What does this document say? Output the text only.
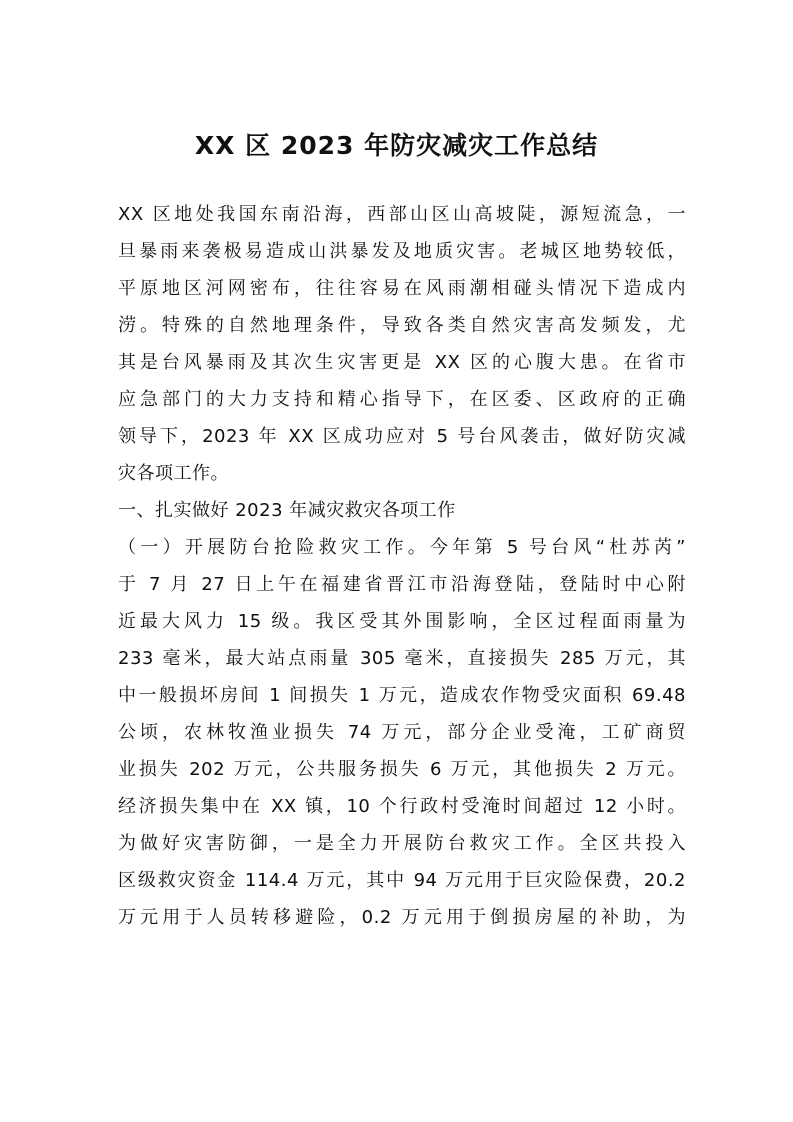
XX 区 2023 年防灾减灾工作总结
XX 区地处我国东南沿海，西部山区山高坡陡，源短流急，一
旦暴雨来袭极易造成山洪暴发及地质灾害。老城区地势较低，
平原地区河网密布，往往容易在风雨潮相碰头情况下造成内
涝。特殊的自然地理条件，导致各类自然灾害高发频发，尤
其是台风暴雨及其次生灾害更是 XX 区的心腹大患。在省市
应急部门的大力支持和精心指导下，在区委、区政府的正确
领导下，2023 年 XX 区成功应对 5 号台风袭击，做好防灾减
灾各项工作。
一、扎实做好 2023 年减灾救灾各项工作
（一）开展防台抢险救灾工作。今年第 5 号台风“杜苏芮”
于 7 月 27 日上午在福建省晋江市沿海登陆，登陆时中心附
近最大风力 15 级。我区受其外围影响，全区过程面雨量为
233 毫米，最大站点雨量 305 毫米，直接损失 285 万元，其
中一般损坏房间 1 间损失 1 万元，造成农作物受灾面积 69.48
公顷，农林牧渔业损失 74 万元，部分企业受淹，工矿商贸
业损失 202 万元，公共服务损失 6 万元，其他损失 2 万元。
经济损失集中在 XX 镇，10 个行政村受淹时间超过 12 小时。
为做好灾害防御，一是全力开展防台救灾工作。全区共投入
区级救灾资金 114.4 万元，其中 94 万元用于巨灾险保费，20.2
万元用于人员转移避险，0.2 万元用于倒损房屋的补助，为
